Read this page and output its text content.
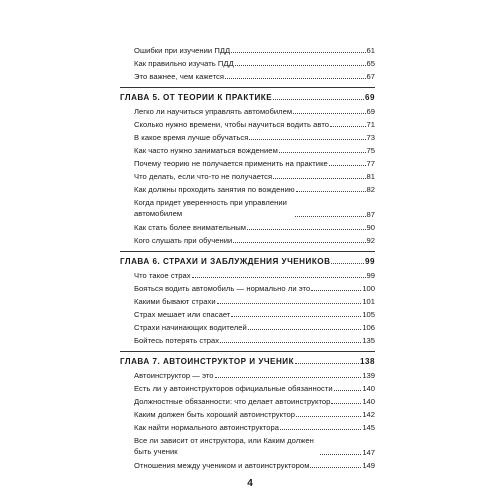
Ошибки при изучении ПДД	61
Как правильно изучать ПДД	65
Это важнее, чем кажется	67
ГЛАВА 5. ОТ ТЕОРИИ К ПРАКТИКЕ	69
Легко ли научиться управлять автомобилем	69
Сколько нужно времени, чтобы научиться водить авто	71
В какое время лучше обучаться	73
Как часто нужно заниматься вождением	75
Почему теорию не получается применить на практике	77
Что делать, если что-то не получается	81
Как должны проходить занятия по вождению	82
Когда придет уверенность при управлении автомобилем	87
Как стать более внимательным	90
Кого слушать при обучении	92
ГЛАВА 6. СТРАХИ И ЗАБЛУЖДЕНИЯ УЧЕНИКОВ	99
Что такое страх	99
Бояться водить автомобиль — нормально ли это	100
Какими бывают страхи	101
Страх мешает или спасает	105
Страхи начинающих водителей	106
Бойтесь потерять страх	135
ГЛАВА 7. АВТОИНСТРУКТОР И УЧЕНИК	138
Автоинструктор — это	139
Есть ли у автоинструкторов официальные обязанности	140
Должностные обязанности: что делает автоинструктор	140
Каким должен быть хороший автоинструктор	142
Как найти нормального автоинструктора	145
Все ли зависит от инструктора, или Каким должен быть ученик	147
Отношения между учеником и автоинструктором	149
4
